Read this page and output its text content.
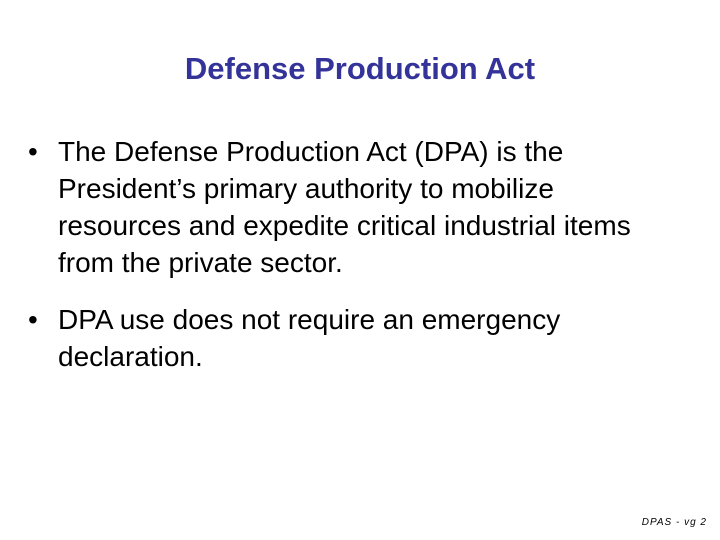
Defense Production Act
• The Defense Production Act (DPA) is the President’s primary authority to mobilize resources and expedite critical industrial items from the private sector.
• DPA use does not require an emergency declaration.
DPAS - vg 2
